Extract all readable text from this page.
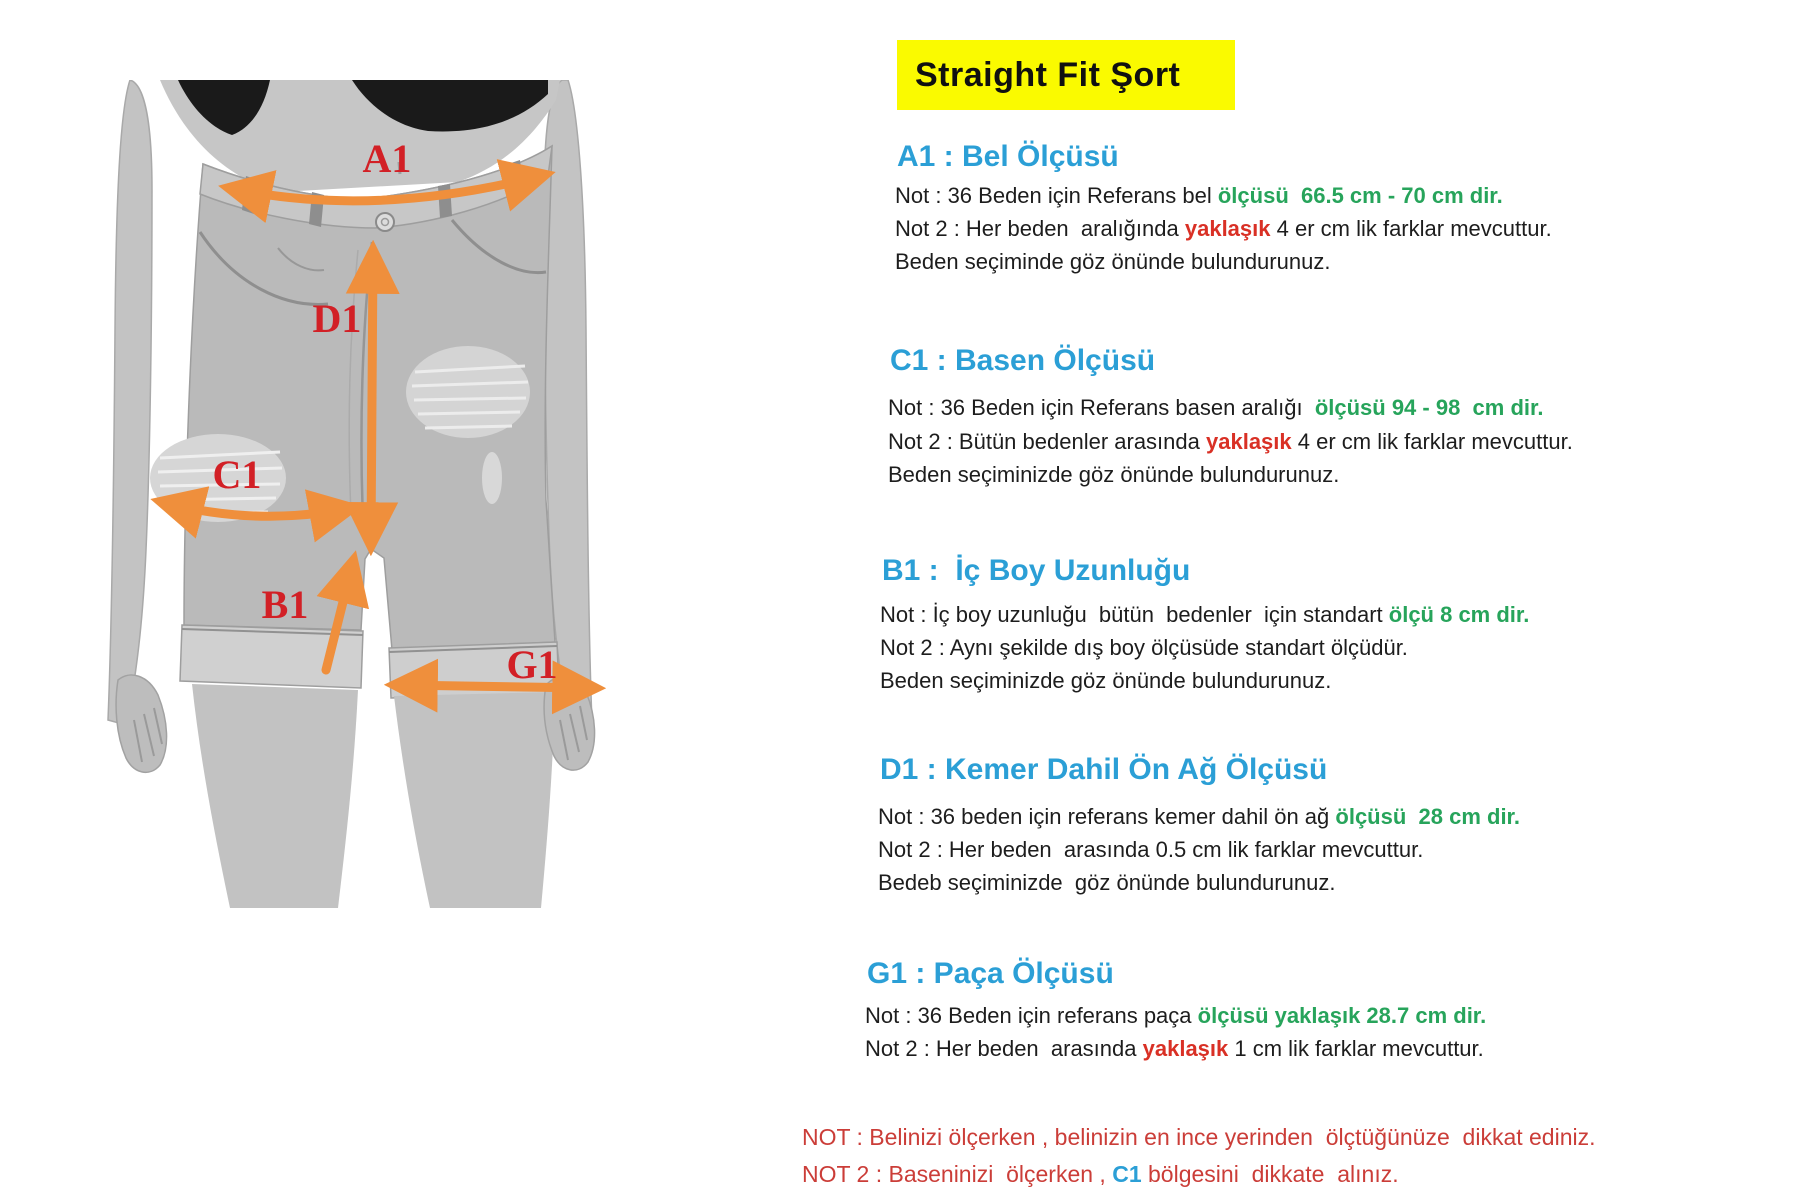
A1
D1
C1
B1
G1
Straight Fit Şort
A1 : Bel Ölçüsü
Not : 36 Beden için Referans bel ölçüsü  66.5 cm - 70 cm dir.
Not 2 : Her beden  aralığında yaklaşık 4 er cm lik farklar mevcuttur.
Beden seçiminde göz önünde bulundurunuz.
C1 : Basen Ölçüsü
Not : 36 Beden için Referans basen aralığı  ölçüsü 94 - 98  cm dir.
Not 2 : Bütün bedenler arasında yaklaşık 4 er cm lik farklar mevcuttur.
Beden seçiminizde göz önünde bulundurunuz.
B1 :  İç Boy Uzunluğu
Not : İç boy uzunluğu  bütün  bedenler  için standart ölçü 8 cm dir.
Not 2 : Aynı şekilde dış boy ölçüsüde standart ölçüdür.
Beden seçiminizde göz önünde bulundurunuz.
D1 : Kemer Dahil Ön Ağ Ölçüsü
Not : 36 beden için referans kemer dahil ön ağ ölçüsü  28 cm dir.
Not 2 : Her beden  arasında 0.5 cm lik farklar mevcuttur.
Bedeb seçiminizde  göz önünde bulundurunuz.
G1 : Paça Ölçüsü
Not : 36 Beden için referans paça ölçüsü yaklaşık 28.7 cm dir.
Not 2 : Her beden  arasında yaklaşık 1 cm lik farklar mevcuttur.
NOT : Belinizi ölçerken , belinizin en ince yerinden  ölçtüğünüze  dikkat ediniz.
NOT 2 : Baseninizi  ölçerken , C1 bölgesini  dikkate  alınız.
